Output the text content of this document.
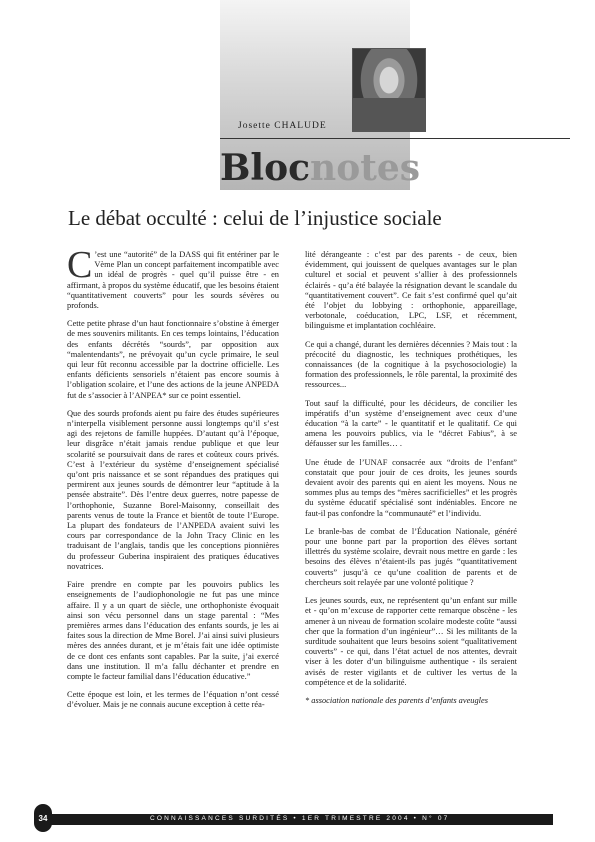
Josette CHALUDE
Blocnotes
Le débat occulté : celui de l’injustice sociale

C ’est une “autorité” de la DASS qui fit entériner par le Vème Plan un concept parfaitement incompatible avec un idéal de progrès - quel qu’il puisse être - en affirmant, à propos du système éducatif, que les besoins étaient “quantitativement couverts” pour les sourds sévères ou profonds.

Cette petite phrase d’un haut fonctionnaire s’obstine à émerger de mes souvenirs militants. En ces temps lointains, l’éducation des enfants décrétés “sourds”, par opposition aux “malentendants”, ne prévoyait qu’un cycle primaire, le seul qui leur fût reconnu accessible par la doctrine officielle. Les enfants déficients sensoriels n’étaient pas encore soumis à l’obligation scolaire, et l’une des actions de la jeune ANPEDA fut de s’associer à l’ANPEA* sur ce point essentiel.

Que des sourds profonds aient pu faire des études supérieures n’interpella visiblement personne aussi longtemps qu’il s’est agi des rejetons de famille huppées. D’autant qu’à l’époque, leur disgrâce n’était jamais rendue publique et que leur scolarité se poursuivait dans de rares et coûteux cours privés. C’est à l’extérieur du système d’enseignement spécialisé qu’ont pris naissance et se sont répandues des pratiques qui permirent aux jeunes sourds de démontrer leur “aptitude à la pensée abstraite”. Dès l’entre deux guerres, notre papesse de l’orthophonie, Suzanne Borel-Maisonny, conseillait des parents venus de toute la France et bientôt de toute l’Europe. La plupart des fondateurs de l’ANPEDA avaient suivi les cours par correspondance de la John Tracy Clinic en les traduisant de l’anglais, tandis que les conceptions pionnières du professeur Guberina inspiraient des pratiques éducatives novatrices.

Faire prendre en compte par les pouvoirs publics les enseignements de l’audiophonologie ne fut pas une mince affaire. Il y a un quart de siècle, une orthophoniste évoquait ainsi son vécu personnel dans un stage parental : “Mes premières armes dans l’éducation des enfants sourds, je les ai faites sous la direction de Mme Borel. J’ai ainsi suivi plusieurs mères des années durant, et je m’étais fait une idée optimiste de ce dont ces enfants sont capables. Par la suite, j’ai exercé dans une institution. Il m’a fallu déchanter et prendre en compte le facteur familial dans l’éducation éducative.”

Cette époque est loin, et les termes de l’équation n’ont cessé d’évoluer. Mais je ne connais aucune exception à cette réa-

lité dérangeante : c’est par des parents - de ceux, bien évidemment, qui jouissent de quelques avantages sur le plan culturel et social et peuvent s’allier à des professionnels éclairés - qu’a été balayée la résignation devant le scandale du “quantitativement couvert”. Ce fait s’est confirmé quel qu’ait été l’objet du lobbying : orthophonie, appareillage, verbotonale, coéducation, LPC, LSF, et récemment, bilinguisme et implantation cochléaire.

Ce qui a changé, durant les dernières décennies ? Mais tout : la précocité du diagnostic, les techniques prothétiques, les connaissances (de la cognitique à la psychosociologie) la formation des professionnels, le rôle parental, la proximité des ressources...

Tout sauf la difficulté, pour les décideurs, de concilier les impératifs d’un système d’enseignement avec ceux d’une éducation “à la carte” - le quantitatif et le qualitatif. Ce qui amena les pouvoirs publics, via le “décret Fabius”, à se défausser sur les familles… .

Une étude de l’UNAF consacrée aux “droits de l’enfant” constatait que pour jouir de ces droits, les jeunes sourds devaient avoir des parents qui en aient les moyens. Nous ne sommes plus au temps des “mères sacrificielles” et les progrès du système éducatif spécialisé sont indéniables. Encore ne faut-il pas confondre la “communauté” et l’individu.

Le branle-bas de combat de l’Éducation Nationale, généré pour une bonne part par la proportion des élèves sortant illettrés du système scolaire, devrait nous mettre en garde : les besoins des élèves n’étaient-ils pas jugés “quantitativement couverts” jusqu’à ce qu’une coalition de parents et de chercheurs soit relayée par une volonté politique ?

Les jeunes sourds, eux, ne représentent qu’un enfant sur mille et - qu’on m’excuse de rapporter cette remarque obscène - les amener à un niveau de formation scolaire modeste coûte “aussi cher que la formation d’un ingénieur”… Si les militants de la surditude souhaitent que leurs besoins soient “qualitativement couverts” - ce qui, dans l’état actuel de nos attentes, devrait viser à les doter d’un bilinguisme authentique - ils seraient avisés de rester vigilants et de cultiver les vertus de la compétence et de la solidarité.

* association nationale des parents d’enfants aveugles

CONNAISSANCES SURDITÉS • 1ER TRIMESTRE 2004 • N° 07
34
